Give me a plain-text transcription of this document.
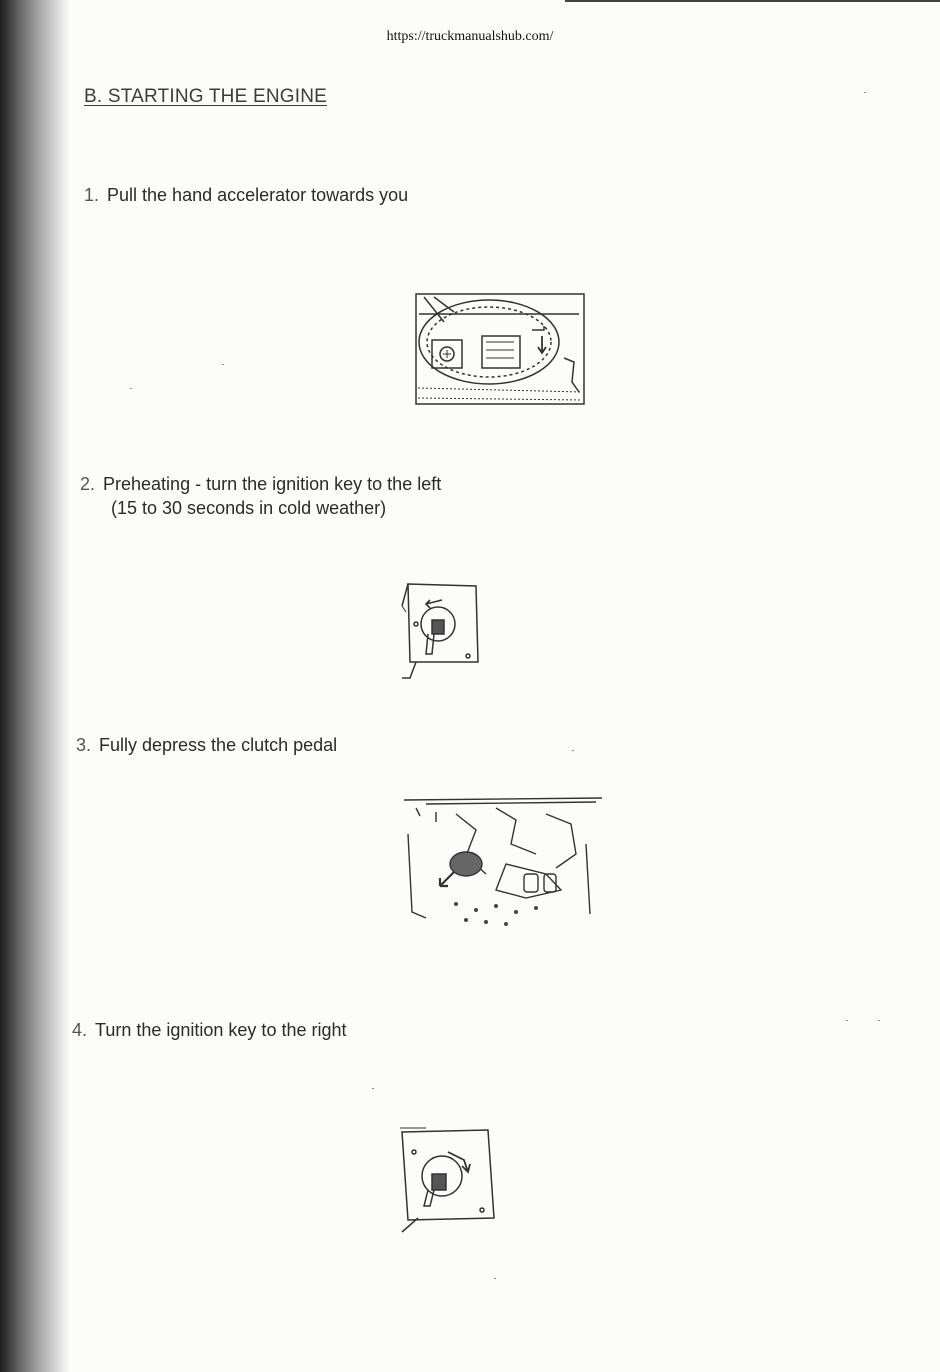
https://truckmanualshub.com/
B. STARTING THE ENGINE
1. Pull the hand accelerator towards you
2. Preheating - turn the ignition key to the left
(15 to 30 seconds in cold weather)
3. Fully depress the clutch pedal
4. Turn the ignition key to the right
